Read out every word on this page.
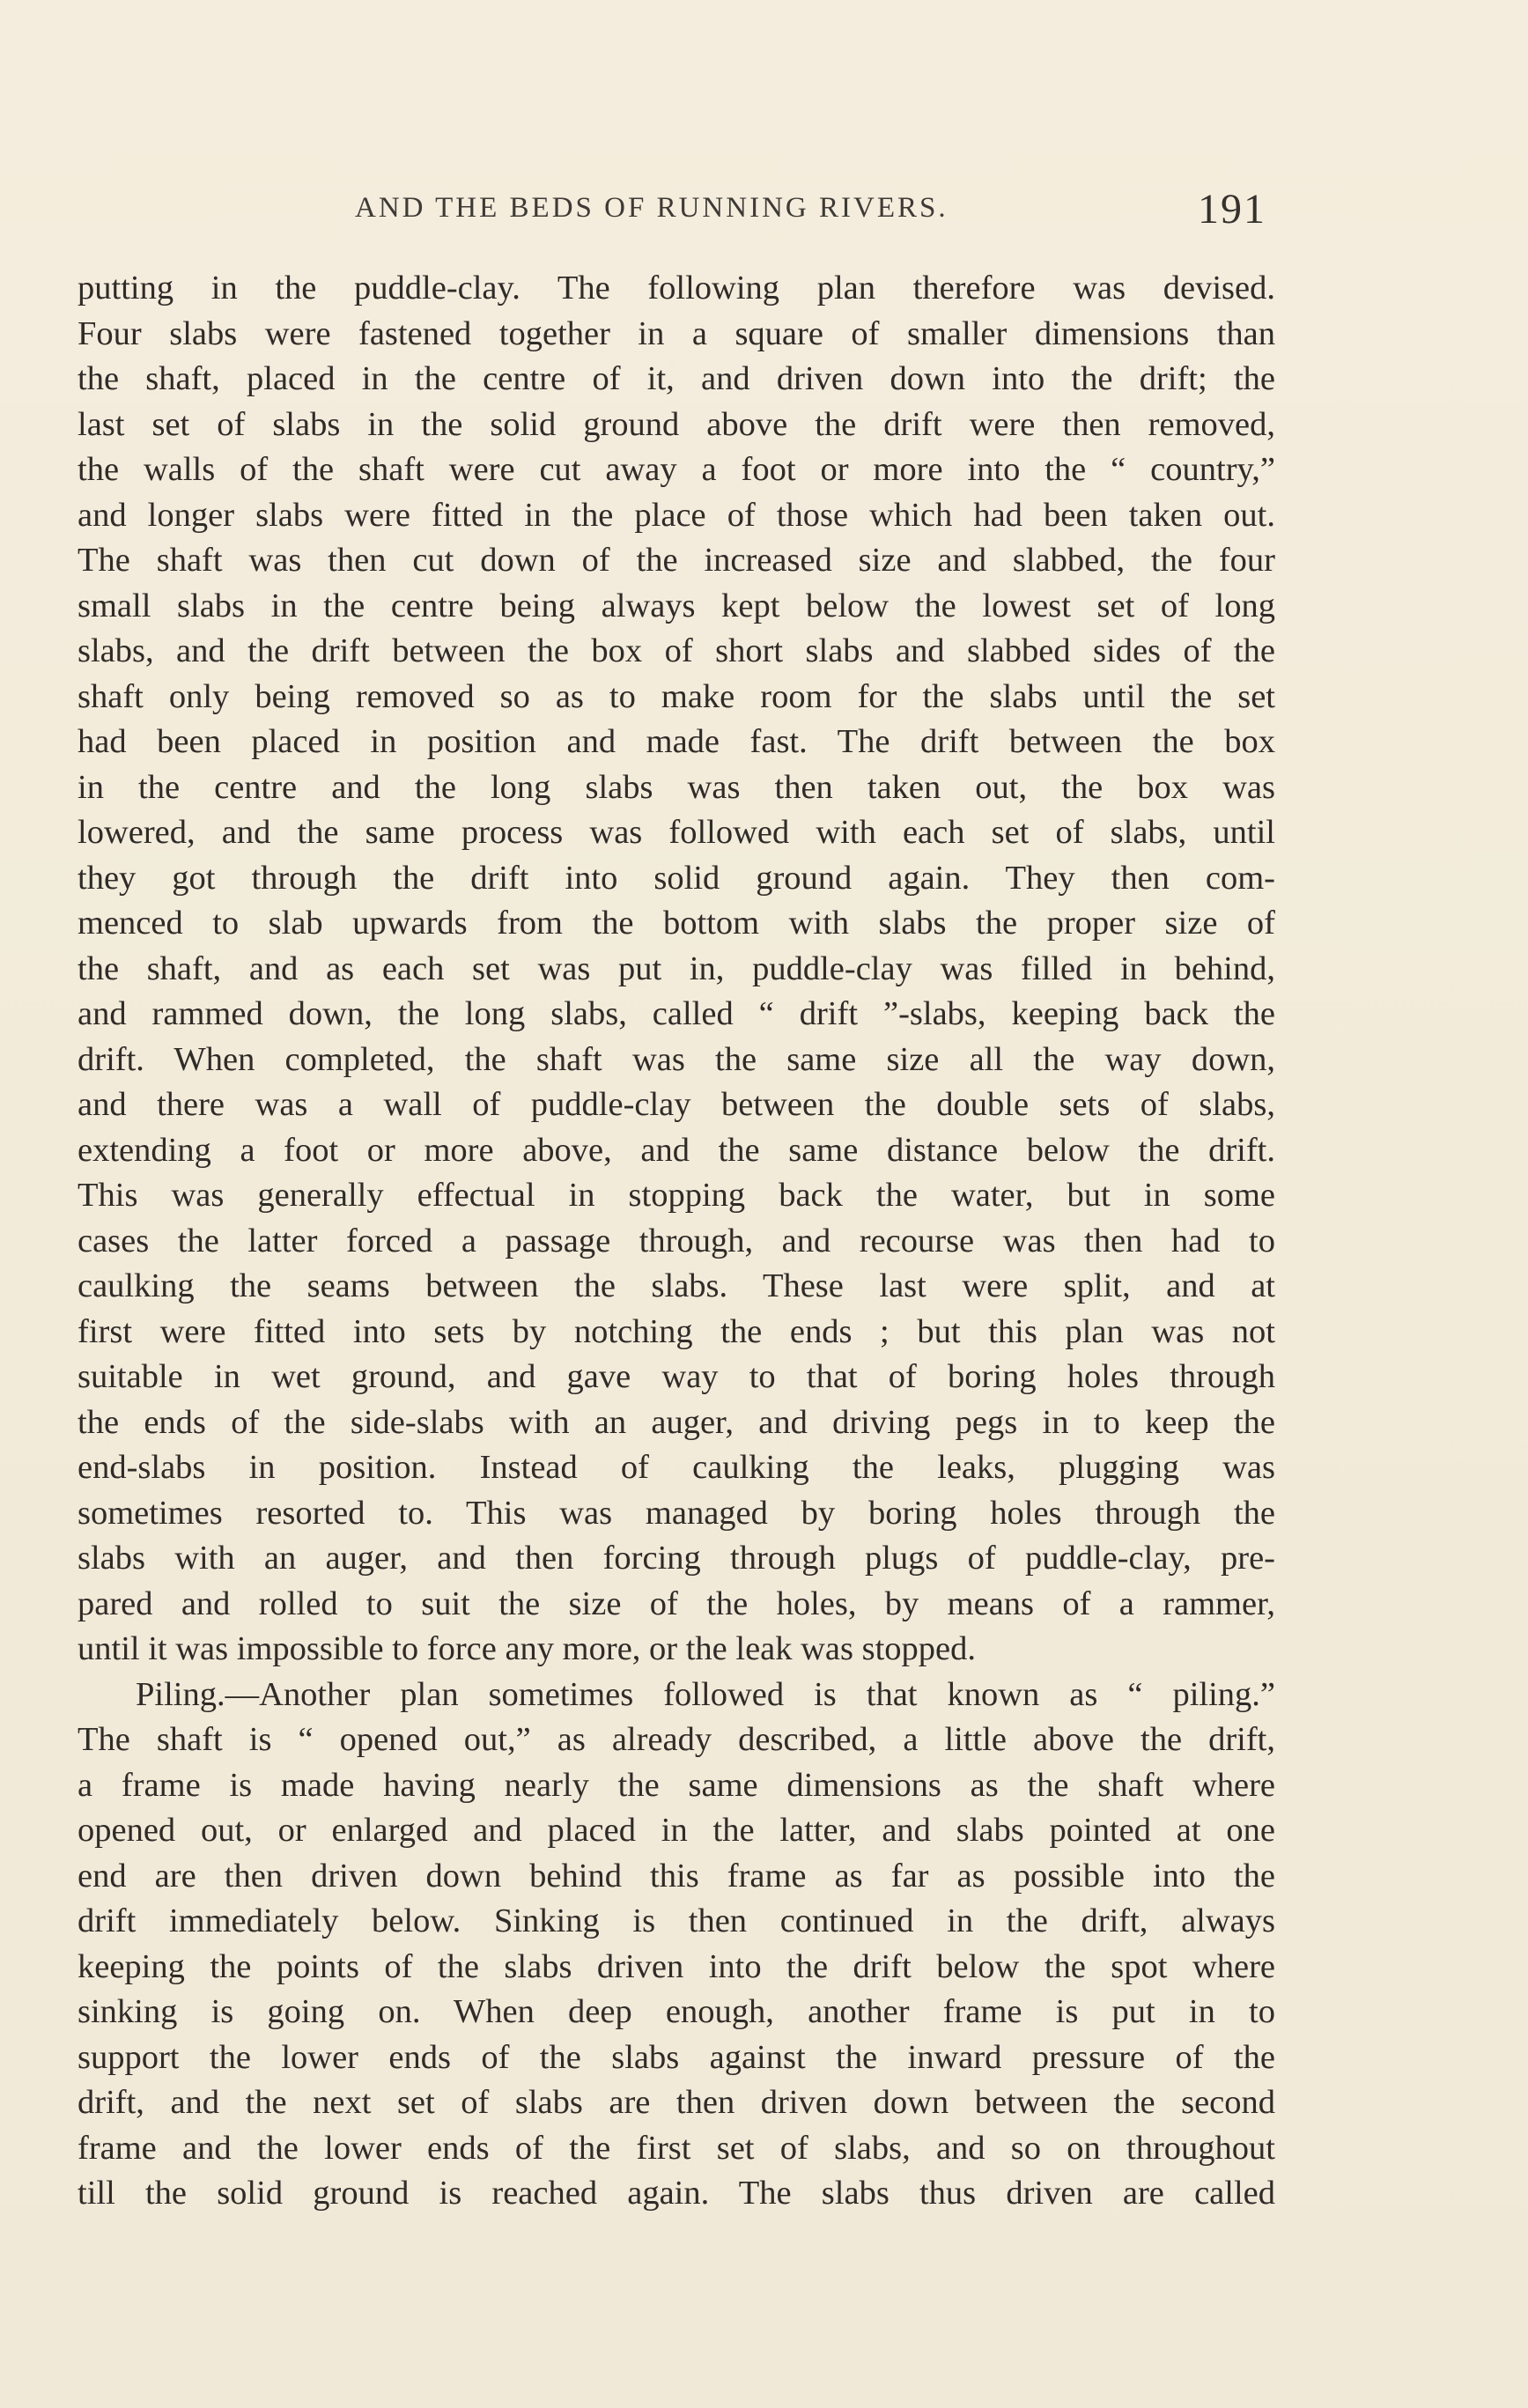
AND THE BEDS OF RUNNING RIVERS.	191
putting in the puddle-clay. The following plan therefore was devised.
Four slabs were fastened together in a square of smaller dimensions than
the shaft, placed in the centre of it, and driven down into the drift; the
last set of slabs in the solid ground above the drift were then removed,
the walls of the shaft were cut away a foot or more into the “ country,”
and longer slabs were fitted in the place of those which had been taken out.
The shaft was then cut down of the increased size and slabbed, the four
small slabs in the centre being always kept below the lowest set of long
slabs, and the drift between the box of short slabs and slabbed sides of the
shaft only being removed so as to make room for the slabs until the set
had been placed in position and made fast. The drift between the box
in the centre and the long slabs was then taken out, the box was
lowered, and the same process was followed with each set of slabs, until
they got through the drift into solid ground again. They then com-
menced to slab upwards from the bottom with slabs the proper size of
the shaft, and as each set was put in, puddle-clay was filled in behind,
and rammed down, the long slabs, called “ drift ”-slabs, keeping back the
drift. When completed, the shaft was the same size all the way down,
and there was a wall of puddle-clay between the double sets of slabs,
extending a foot or more above, and the same distance below the drift.
This was generally effectual in stopping back the water, but in some
cases the latter forced a passage through, and recourse was then had to
caulking the seams between the slabs. These last were split, and at
first were fitted into sets by notching the ends ; but this plan was not
suitable in wet ground, and gave way to that of boring holes through
the ends of the side-slabs with an auger, and driving pegs in to keep the
end-slabs in position. Instead of caulking the leaks, plugging was
sometimes resorted to. This was managed by boring holes through the
slabs with an auger, and then forcing through plugs of puddle-clay, pre-
pared and rolled to suit the size of the holes, by means of a rammer,
until it was impossible to force any more, or the leak was stopped.
Piling.—Another plan sometimes followed is that known as “ piling.”
The shaft is “ opened out,” as already described, a little above the drift,
a frame is made having nearly the same dimensions as the shaft where
opened out, or enlarged and placed in the latter, and slabs pointed at one
end are then driven down behind this frame as far as possible into the
drift immediately below. Sinking is then continued in the drift, always
keeping the points of the slabs driven into the drift below the spot where
sinking is going on. When deep enough, another frame is put in to
support the lower ends of the slabs against the inward pressure of the
drift, and the next set of slabs are then driven down between the second
frame and the lower ends of the first set of slabs, and so on throughout
till the solid ground is reached again. The slabs thus driven are called
